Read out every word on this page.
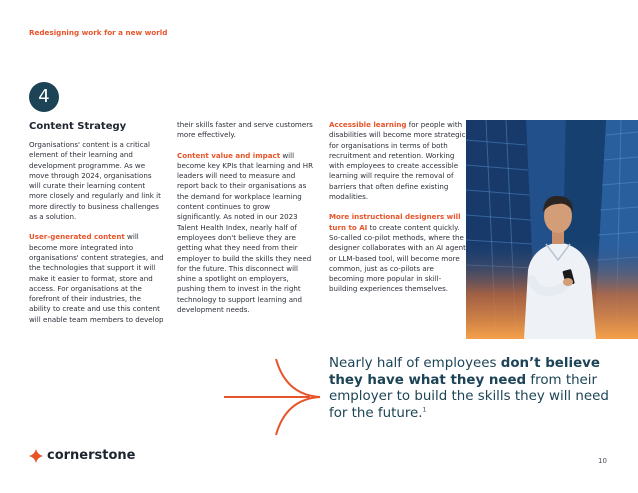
Redesigning work for a new world
4
Content Strategy

Organisations' content is a critical element of their learning and development programme. As we move through 2024, organisations will curate their learning content more closely and regularly and link it more directly to business challenges as a solution.

User-generated content will become more integrated into organisations' content strategies, and the technologies that support it will make it easier to format, store and access. For organisations at the forefront of their industries, the ability to create and use this content will enable team members to develop

their skills faster and serve customers more effectively.

Content value and impact will become key KPIs that learning and HR leaders will need to measure and report back to their organisations as the demand for workplace learning content continues to grow significantly. As noted in our 2023 Talent Health Index, nearly half of employees don't believe they are getting what they need from their employer to build the skills they need for the future. This disconnect will shine a spotlight on employers, pushing them to invest in the right technology to support learning and development needs.

Accessible learning for people with disabilities will become more strategic for organisations in terms of both recruitment and retention. Working with employees to create accessible learning will require the removal of barriers that often define existing modalities.

More instructional designers will turn to AI to create content quickly. So-called co-pilot methods, where the designer collaborates with an AI agent or LLM-based tool, will become more common, just as co-pilots are becoming more popular in skill-building experiences themselves.

Nearly half of employees don’t believe they have what they need from their employer to build the skills they will need for the future.$^1$
cornerstone	10
